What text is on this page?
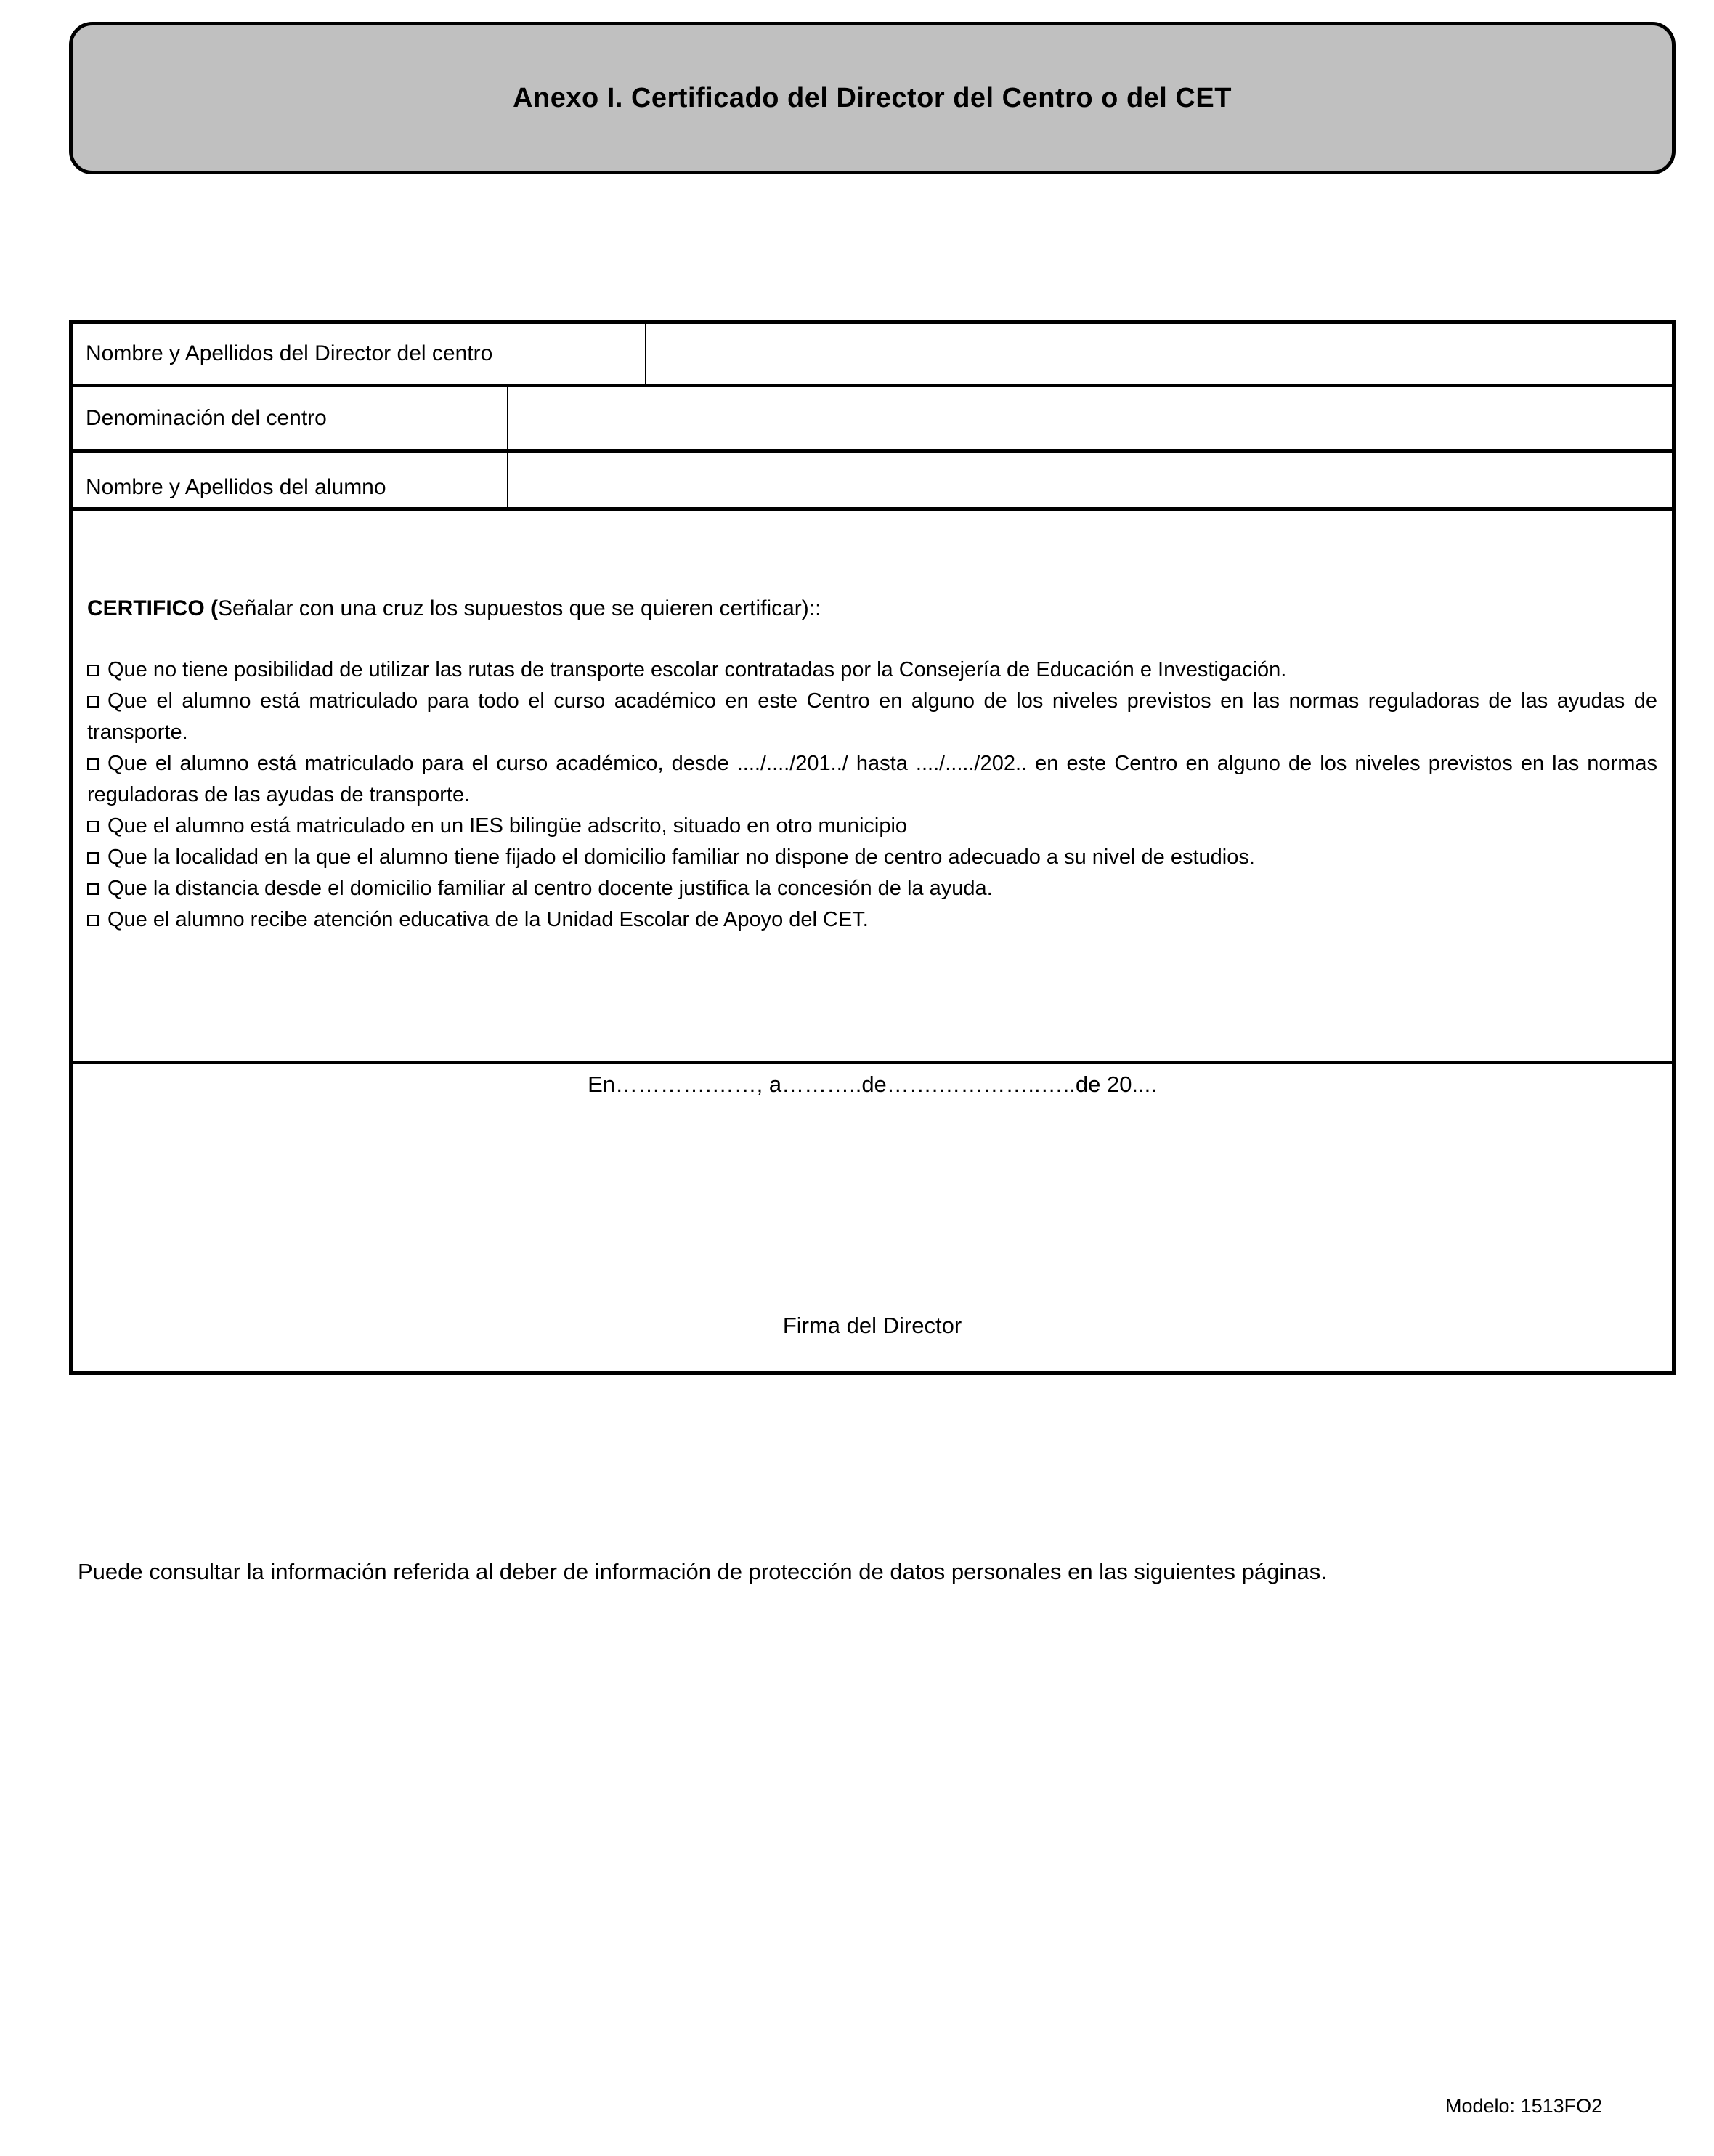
Anexo I. Certificado del Director del Centro o del CET
Nombre y Apellidos del Director del centro
Denominación del centro
Nombre y Apellidos del alumno
CERTIFICO (Señalar con una cruz los supuestos que se quieren certificar)::
Que no tiene posibilidad de utilizar las rutas de transporte escolar contratadas por la Consejería de Educación e Investigación.
Que el alumno está matriculado para todo el curso académico en este Centro en alguno de los niveles previstos en las normas reguladoras de las ayudas de transporte.
Que el alumno está matriculado para el curso académico, desde ..../..../201../ hasta ..../...../202.. en este Centro en alguno de los niveles previstos en las normas reguladoras de las ayudas de transporte.
Que el alumno está matriculado en un IES bilingüe adscrito, situado en otro municipio
Que la localidad en la que el alumno tiene fijado el domicilio familiar no dispone de centro adecuado a su nivel de estudios.
Que la distancia desde el domicilio familiar al centro docente justifica la concesión de la ayuda.
Que el alumno recibe atención educativa de la Unidad Escolar de Apoyo del CET.
En………….……, a………..de…….…………..…..de 20....
Firma del Director
Puede consultar la información referida al deber de información de protección de datos personales en las siguientes páginas.
Modelo: 1513FO2
